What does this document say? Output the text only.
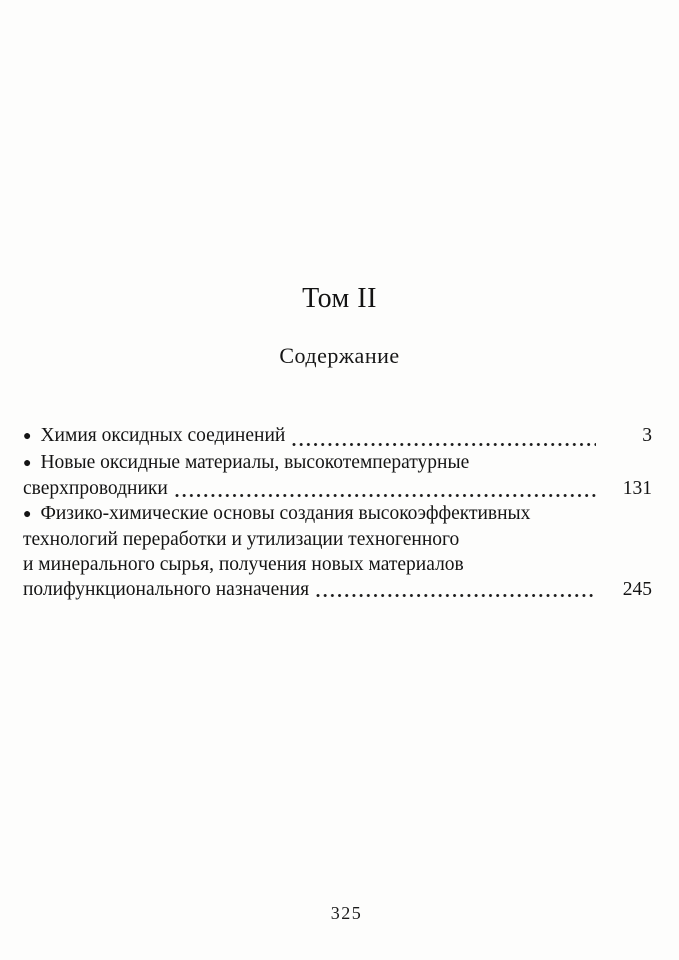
Том II
Содержание
● Химия оксидных соединений	3
● Новые оксидные материалы, высокотемпературные
сверхпроводники	131
● Физико-химические основы создания высокоэффективных
технологий переработки и утилизации техногенного
и минерального сырья, получения новых материалов
полифункционального назначения	245
325
